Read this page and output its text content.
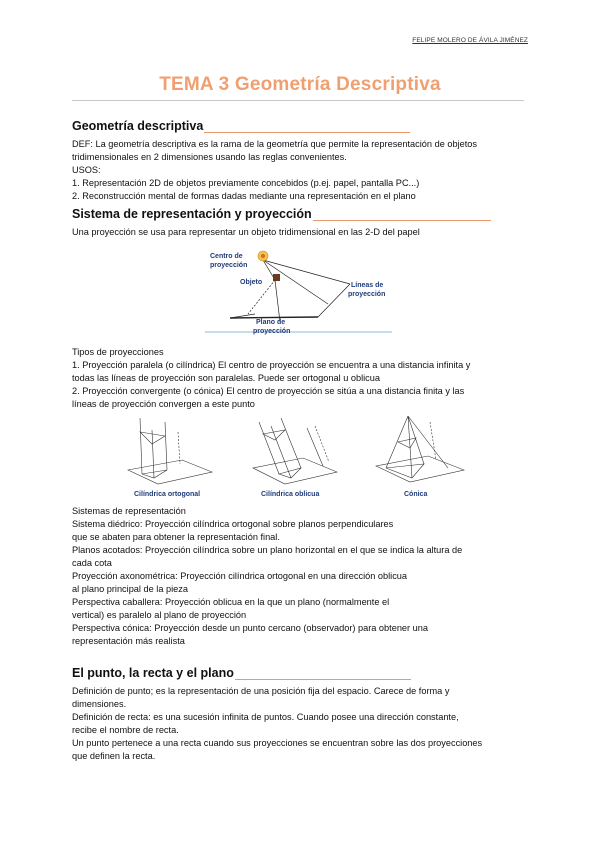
FELIPE MOLERO DE ÁVILA JIMÉNEZ
TEMA 3 Geometría Descriptiva
Geometría descriptiva
DEF: La geometría descriptiva es la rama de la geometría que permite la representación de objetos
tridimensionales en 2 dimensiones usando las reglas convenientes.
USOS:
1. Representación 2D de objetos previamente concebidos (p.ej. papel, pantalla PC...)
2. Reconstrucción mental de formas dadas mediante una representación en el plano
Sistema de representación y proyección
Una proyección se usa para representar un objeto tridimensional en las 2-D del papel
Centro de
proyección
Objeto	Líneas de
proyección
Plano de
proyección
Tipos de proyecciones
1. Proyección paralela (o cilíndrica) El centro de proyección se encuentra a una distancia infinita y
todas las líneas de proyección son paralelas. Puede ser ortogonal u oblicua
2. Proyección convergente (o cónica) El centro de proyección se sitúa a una distancia finita y las
líneas de proyección convergen a este punto
Cilíndrica ortogonal	Cilíndrica oblicua	Cónica
Sistemas de representación
Sistema diédrico: Proyección cilíndrica ortogonal sobre planos perpendiculares
que se abaten para obtener la representación final.
Planos acotados: Proyección cilíndrica sobre un plano horizontal en el que se indica la altura de
cada cota
Proyección axonométrica: Proyección cilíndrica ortogonal en una dirección oblicua
al plano principal de la pieza
Perspectiva caballera: Proyección oblicua en la que un plano (normalmente el
vertical) es paralelo al plano de proyección
Perspectiva cónica: Proyección desde un punto cercano (observador) para obtener una
representación más realista
El punto, la recta y el plano
Definición de punto; es la representación de una posición fija del espacio. Carece de forma y
dimensiones.
Definición de recta: es una sucesión infinita de puntos. Cuando posee una dirección constante,
recibe el nombre de recta.
Un punto pertenece a una recta cuando sus proyecciones se encuentran sobre las dos proyecciones
que definen la recta.
